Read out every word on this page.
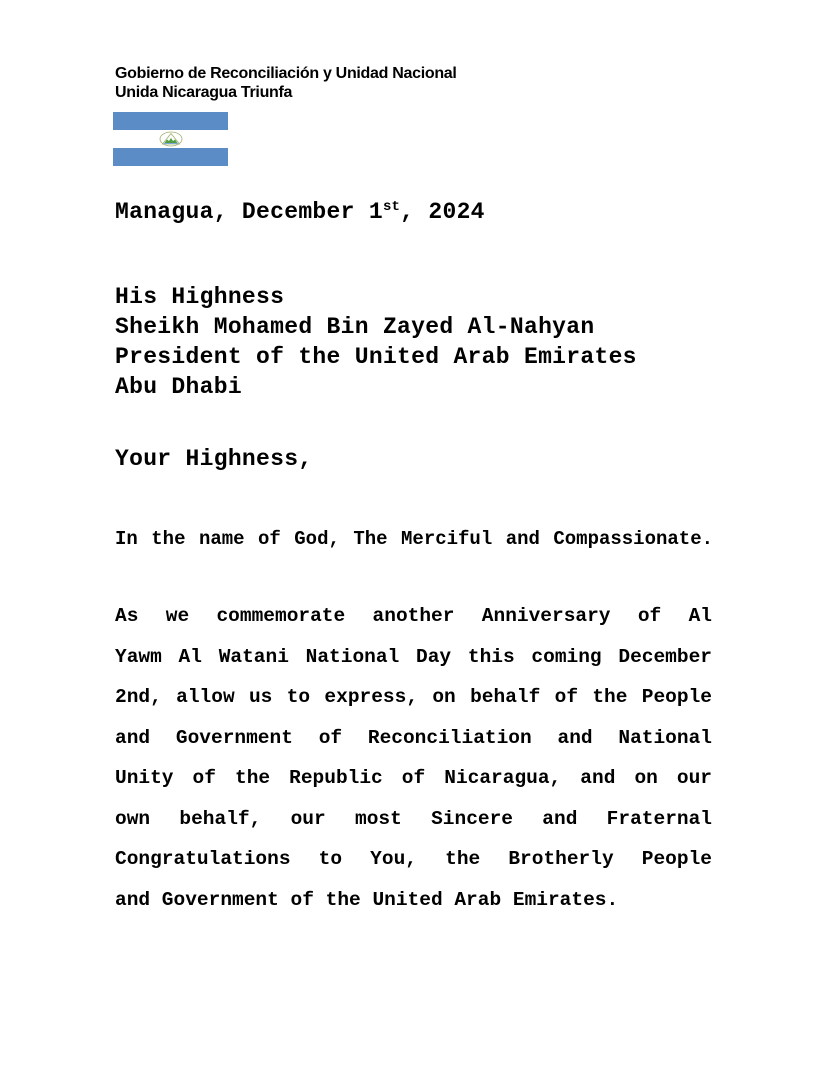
Gobierno de Reconciliación y Unidad Nacional
Unida Nicaragua Triunfa
Managua, December 1st, 2024
His Highness
Sheikh Mohamed Bin Zayed Al-Nahyan
President of the United Arab Emirates
Abu Dhabi
Your Highness,
In the name of God, The Merciful and Compassionate.
As we commemorate another Anniversary of Al
Yawm Al Watani National Day this coming December
2nd, allow us to express, on behalf of the People
and Government of Reconciliation and National
Unity of the Republic of Nicaragua, and on our
own behalf, our most Sincere and Fraternal
Congratulations to You, the Brotherly People
and Government of the United Arab Emirates.
